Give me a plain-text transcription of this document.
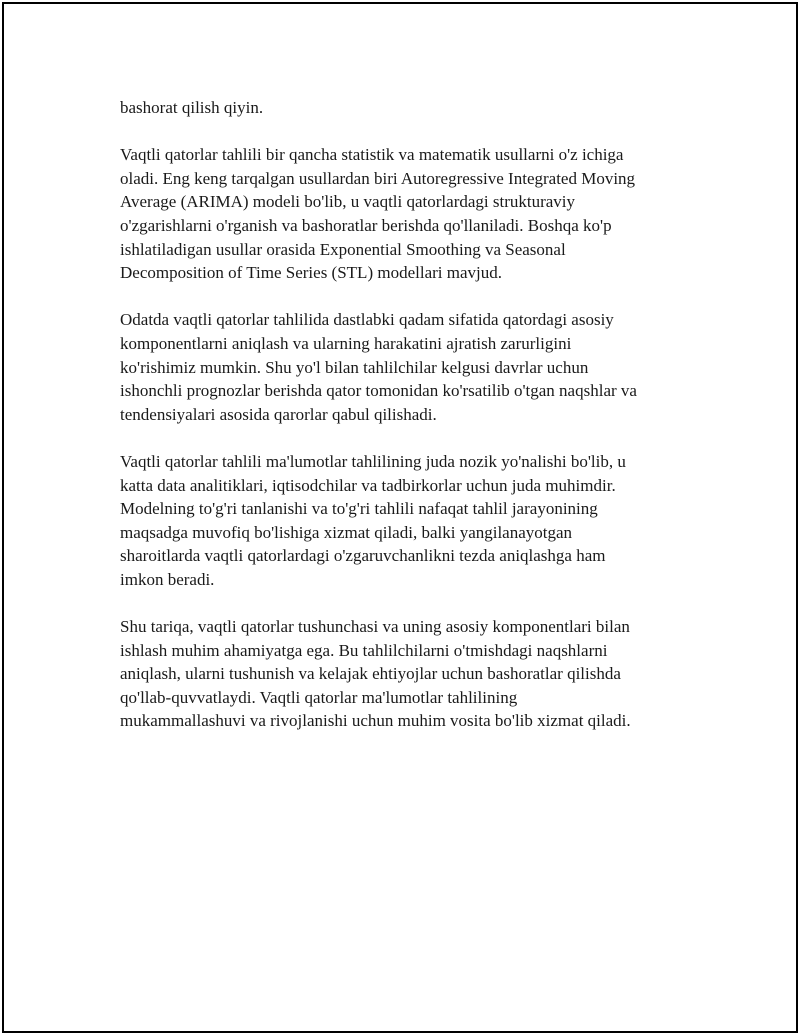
bashorat qilish qiyin.

Vaqtli qatorlar tahlili bir qancha statistik va matematik usullarni o'z ichiga
oladi. Eng keng tarqalgan usullardan biri Autoregressive Integrated Moving
Average (ARIMA) modeli bo'lib, u vaqtli qatorlardagi strukturaviy
o'zgarishlarni o'rganish va bashoratlar berishda qo'llaniladi. Boshqa ko'p
ishlatiladigan usullar orasida Exponential Smoothing va Seasonal
Decomposition of Time Series (STL) modellari mavjud.

Odatda vaqtli qatorlar tahlilida dastlabki qadam sifatida qatordagi asosiy
komponentlarni aniqlash va ularning harakatini ajratish zarurligini
ko'rishimiz mumkin. Shu yo'l bilan tahlilchilar kelgusi davrlar uchun
ishonchli prognozlar berishda qator tomonidan ko'rsatilib o'tgan naqshlar va
tendensiyalari asosida qarorlar qabul qilishadi.

Vaqtli qatorlar tahlili ma'lumotlar tahlilining juda nozik yo'nalishi bo'lib, u
katta data analitiklari, iqtisodchilar va tadbirkorlar uchun juda muhimdir.
Modelning to'g'ri tanlanishi va to'g'ri tahlili nafaqat tahlil jarayonining
maqsadga muvofiq bo'lishiga xizmat qiladi, balki yangilanayotgan
sharoitlarda vaqtli qatorlardagi o'zgaruvchanlikni tezda aniqlashga ham
imkon beradi.

Shu tariqa, vaqtli qatorlar tushunchasi va uning asosiy komponentlari bilan
ishlash muhim ahamiyatga ega. Bu tahlilchilarni o'tmishdagi naqshlarni
aniqlash, ularni tushunish va kelajak ehtiyojlar uchun bashoratlar qilishda
qo'llab-quvvatlaydi. Vaqtli qatorlar ma'lumotlar tahlilining
mukammallashuvi va rivojlanishi uchun muhim vosita bo'lib xizmat qiladi.
